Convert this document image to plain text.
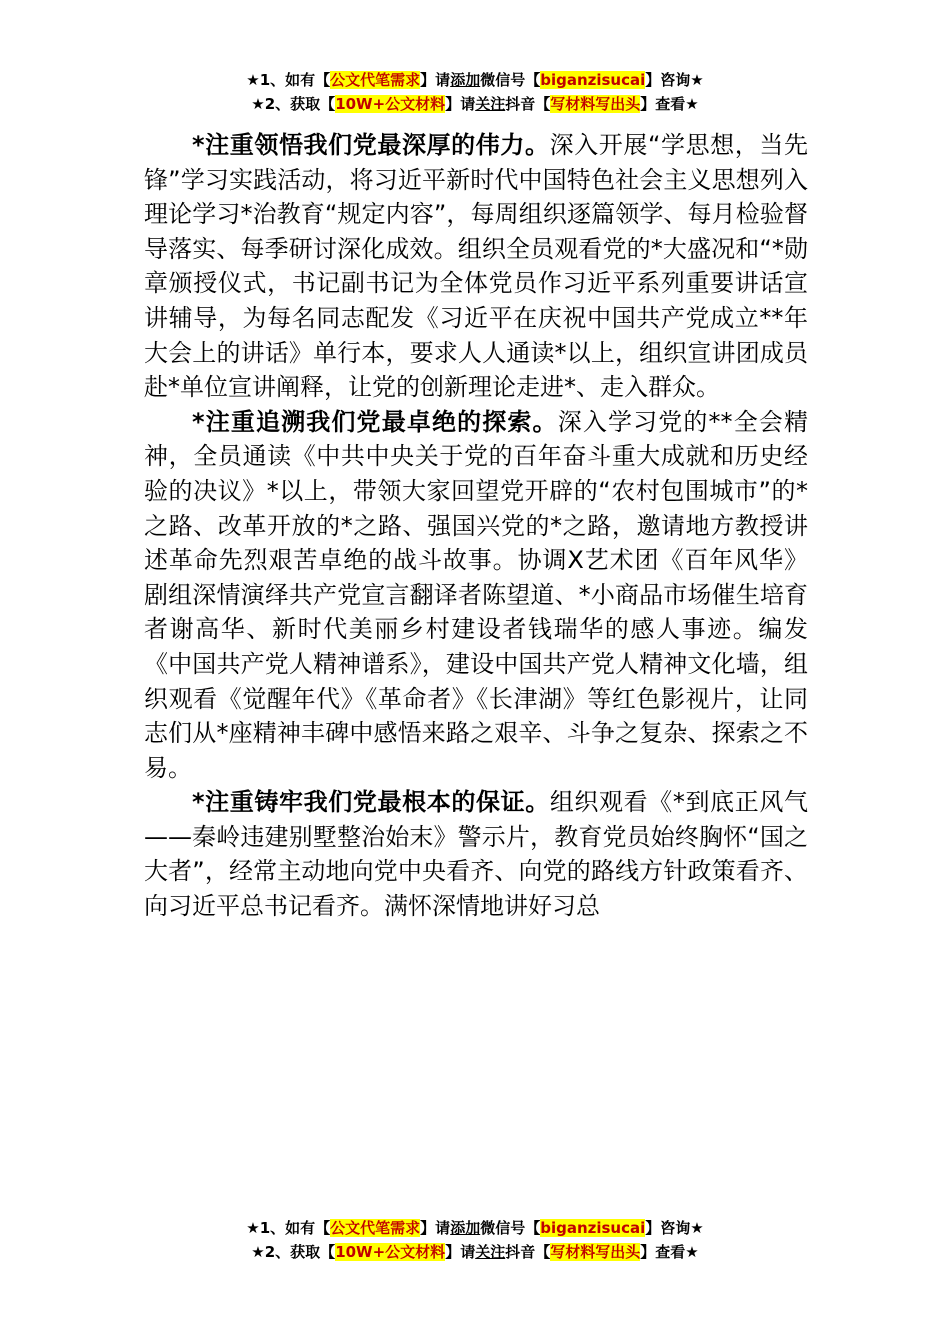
★1、如有【公文代笔需求】请添加微信号【biganzisucai】咨询★
★2、获取【10W+公文材料】请关注抖音【写材料写出头】查看★

*注重领悟我们党最深厚的伟力。深入开展“学思想，当先锋”学习实践活动，将习近平新时代中国特色社会主义思想列入理论学习*治教育“规定内容”，每周组织逐篇领学、每月检验督导落实、每季研讨深化成效。组织全员观看党的*大盛况和“*勋章颁授仪式，书记副书记为全体党员作习近平系列重要讲话宣讲辅导，为每名同志配发《习近平在庆祝中国共产党成立**年大会上的讲话》单行本，要求人人通读*以上，组织宣讲团成员赴*单位宣讲阐释，让党的创新理论走进*、走入群众。

*注重追溯我们党最卓绝的探索。深入学习党的**全会精神，全员通读《中共中央关于党的百年奋斗重大成就和历史经验的决议》*以上，带领大家回望党开辟的“农村包围城市”的*之路、改革开放的*之路、强国兴党的*之路，邀请地方教授讲述革命先烈艰苦卓绝的战斗故事。协调X艺术团《百年风华》剧组深情演绎共产党宣言翻译者陈望道、*小商品市场催生培育者谢高华、新时代美丽乡村建设者钱瑞华的感人事迹。编发《中国共产党人精神谱系》，建设中国共产党人精神文化墙，组织观看《觉醒年代》《革命者》《长津湖》等红色影视片，让同志们从*座精神丰碑中感悟来路之艰辛、斗争之复杂、探索之不易。

*注重铸牢我们党最根本的保证。组织观看《*到底正风气——秦岭违建别墅整治始末》警示片，教育党员始终胸怀“国之大者”，经常主动地向党中央看齐、向党的路线方针政策看齐、向习近平总书记看齐。满怀深情地讲好习总

★1、如有【公文代笔需求】请添加微信号【biganzisucai】咨询★
★2、获取【10W+公文材料】请关注抖音【写材料写出头】查看★
